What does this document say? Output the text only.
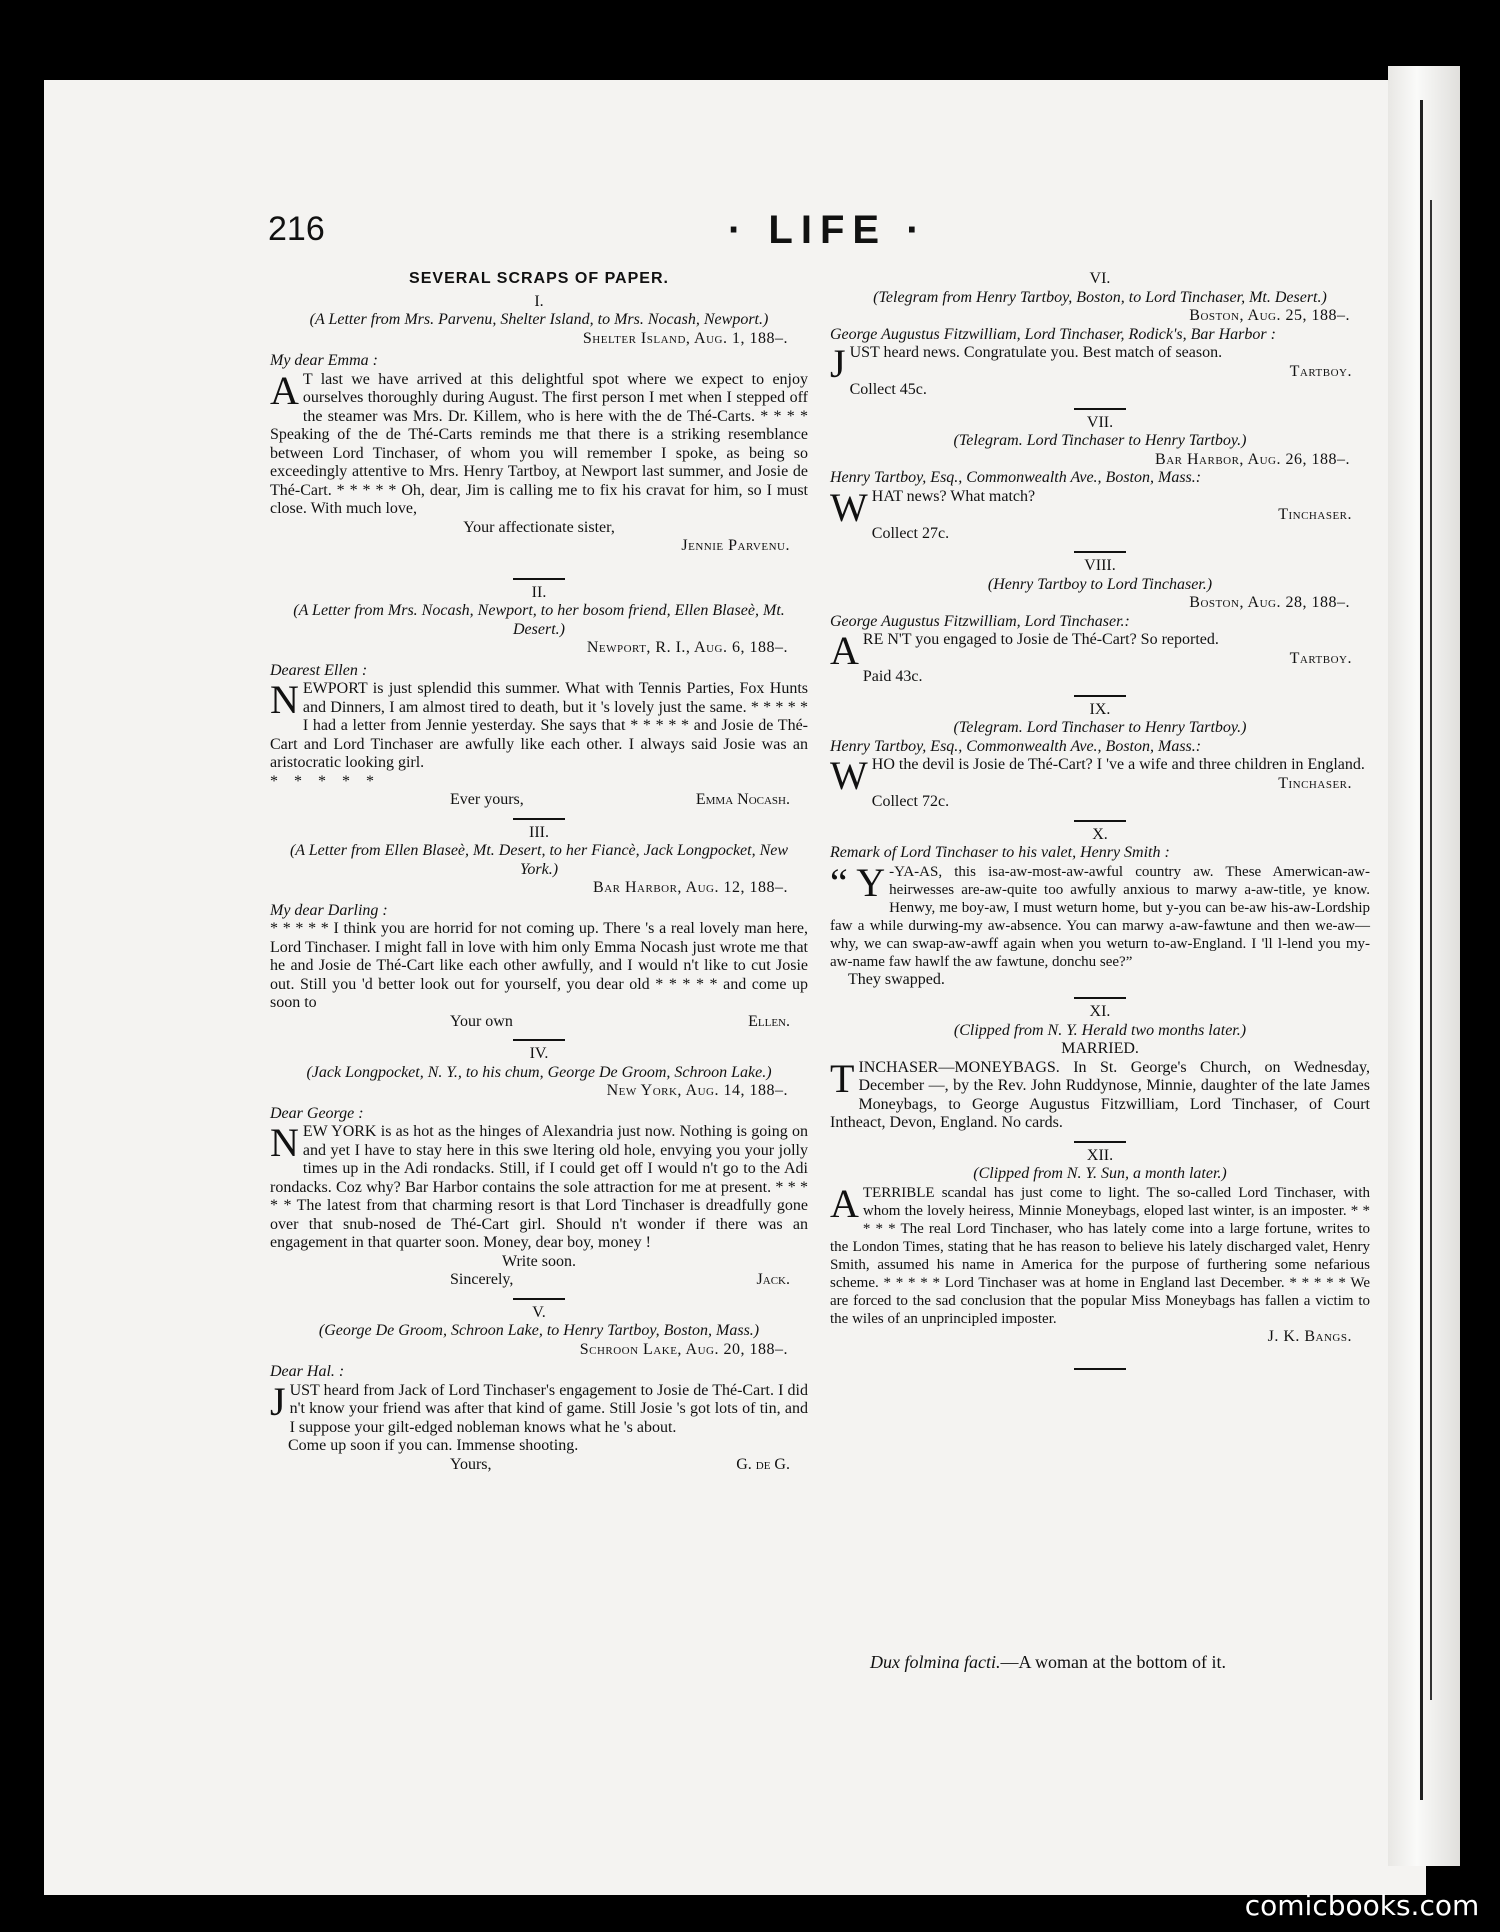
216	· LIFE ·
SEVERAL SCRAPS OF PAPER.
I.
(A Letter from Mrs. Parvenu, Shelter Island, to Mrs. Nocash, Newport.)
Shelter Island, Aug. 1, 188–.
My dear Emma :

A T last we have arrived at this delightful spot where we expect to enjoy ourselves thoroughly during August. The first person I met when I stepped off the steamer was Mrs. Dr. Killem, who is here with the de Thé-Carts. * * * * Speaking of the de Thé-Carts reminds me that there is a striking resemblance between Lord Tinchaser, of whom you will remember I spoke, as being so exceedingly attentive to Mrs. Henry Tartboy, at Newport last summer, and Josie de Thé-Cart. * * * * * Oh, dear, Jim is calling me to fix his cravat for him, so I must close. With much love,

Your affectionate sister,
Jennie Parvenu.
II.
(A Letter from Mrs. Nocash, Newport, to her bosom friend, Ellen Blaseè, Mt. Desert.)
Newport, R. I., Aug. 6, 188–.
Dearest Ellen :

NEWPORT is just splendid this summer. What with Tennis Parties, Fox Hunts and Dinners, I am almost tired to death, but it 's lovely just the same. * * * * * I had a letter from Jennie yesterday. She says that * * * * * and Josie de Thé-Cart and Lord Tinchaser are awfully like each other. I always said Josie was an aristocratic looking girl.

* * * * *
Ever yours,	Emma Nocash.
III.
(A Letter from Ellen Blaseè, Mt. Desert, to her Fiancè, Jack Longpocket, New York.)
Bar Harbor, Aug. 12, 188–.
My dear Darling :

* * * * * I think you are horrid for not coming up. There 's a real lovely man here, Lord Tinchaser. I might fall in love with him only Emma Nocash just wrote me that he and Josie de Thé-Cart like each other awfully, and I would n't like to cut Josie out. Still you 'd better look out for yourself, you dear old * * * * * and come up soon to

Your own	Ellen.
IV.
(Jack Longpocket, N. Y., to his chum, George De Groom, Schroon Lake.)
New York, Aug. 14, 188–.
Dear George :

NEW YORK is as hot as the hinges of Alexandria just now. Nothing is going on and yet I have to stay here in this swe ltering old hole, envying you your jolly times up in the Adi rondacks. Still, if I could get off I would n't go to the Adi rondacks. Coz why? Bar Harbor contains the sole attraction for me at present. * * * * * The latest from that charming resort is that Lord Tinchaser is dreadfully gone over that snub-nosed de Thé-Cart girl. Should n't wonder if there was an engagement in that quarter soon. Money, dear boy, money !

Write soon.
Sincerely,	Jack.
V.
(George De Groom, Schroon Lake, to Henry Tartboy, Boston, Mass.)
Schroon Lake, Aug. 20, 188–.
Dear Hal. :

JUST heard from Jack of Lord Tinchaser's engagement to Josie de Thé-Cart. I did n't know your friend was after that kind of game. Still Josie 's got lots of tin, and I suppose your gilt-edged nobleman knows what he 's about.

Come up soon if you can. Immense shooting.
Yours,	G. de G.
VI.
(Telegram from Henry Tartboy, Boston, to Lord Tinchaser, Mt. Desert.)
Boston, Aug. 25, 188–.
George Augustus Fitzwilliam, Lord Tinchaser, Rodick's, Bar Harbor :

JUST heard news. Congratulate you. Best match of season.

Tartboy.
Collect 45c.
VII.
(Telegram. Lord Tinchaser to Henry Tartboy.)
Bar Harbor, Aug. 26, 188–.
Henry Tartboy, Esq., Commonwealth Ave., Boston, Mass.:

WHAT news? What match?

Tinchaser.
Collect 27c.
VIII.
(Henry Tartboy to Lord Tinchaser.)
Boston, Aug. 28, 188–.
George Augustus Fitzwilliam, Lord Tinchaser.:

ARE N'T you engaged to Josie de Thé-Cart? So reported.

Tartboy.
Paid 43c.
IX.
(Telegram. Lord Tinchaser to Henry Tartboy.)
Henry Tartboy, Esq., Commonwealth Ave., Boston, Mass.:

WHO the devil is Josie de Thé-Cart? I 've a wife and three children in England.

Tinchaser.
Collect 72c.
X.
Remark of Lord Tinchaser to his valet, Henry Smith :

“ Y -YA-AS, this isa-aw-most-aw-awful country aw. These Amerwican-aw-heirwesses are-aw-quite too awfully anxious to marwy a-aw-title, ye know. Henwy, me boy-aw, I must weturn home, but y-you can be-aw his-aw-Lordship faw a while durwing-my aw-absence. You can marwy a-aw-fawtune and then we-aw—why, we can swap-aw-awff again when you weturn to-aw-England. I 'll l-lend you my-aw-name faw hawlf the aw fawtune, donchu see?”

They swapped.
XI.
(Clipped from N. Y. Herald two months later.)
MARRIED.

TINCHASER—MONEYBAGS. In St. George's Church, on Wednesday, December —, by the Rev. John Ruddynose, Minnie, daughter of the late James Moneybags, to George Augustus Fitzwilliam, Lord Tinchaser, of Court Intheact, Devon, England. No cards.

XII.
(Clipped from N. Y. Sun, a month later.)

ATERRIBLE scandal has just come to light. The so-called Lord Tinchaser, with whom the lovely heiress, Minnie Moneybags, eloped last winter, is an imposter. * * * * * The real Lord Tinchaser, who has lately come into a large fortune, writes to the London Times, stating that he has reason to believe his lately discharged valet, Henry Smith, assumed his name in America for the purpose of furthering some nefarious scheme. * * * * * Lord Tinchaser was at home in England last December. * * * * * We are forced to the sad conclusion that the popular Miss Moneybags has fallen a victim to the wiles of an unprincipled imposter.

J. K. Bangs.
Dux folmina facti.—A woman at the bottom of it.
comicbooks.com
